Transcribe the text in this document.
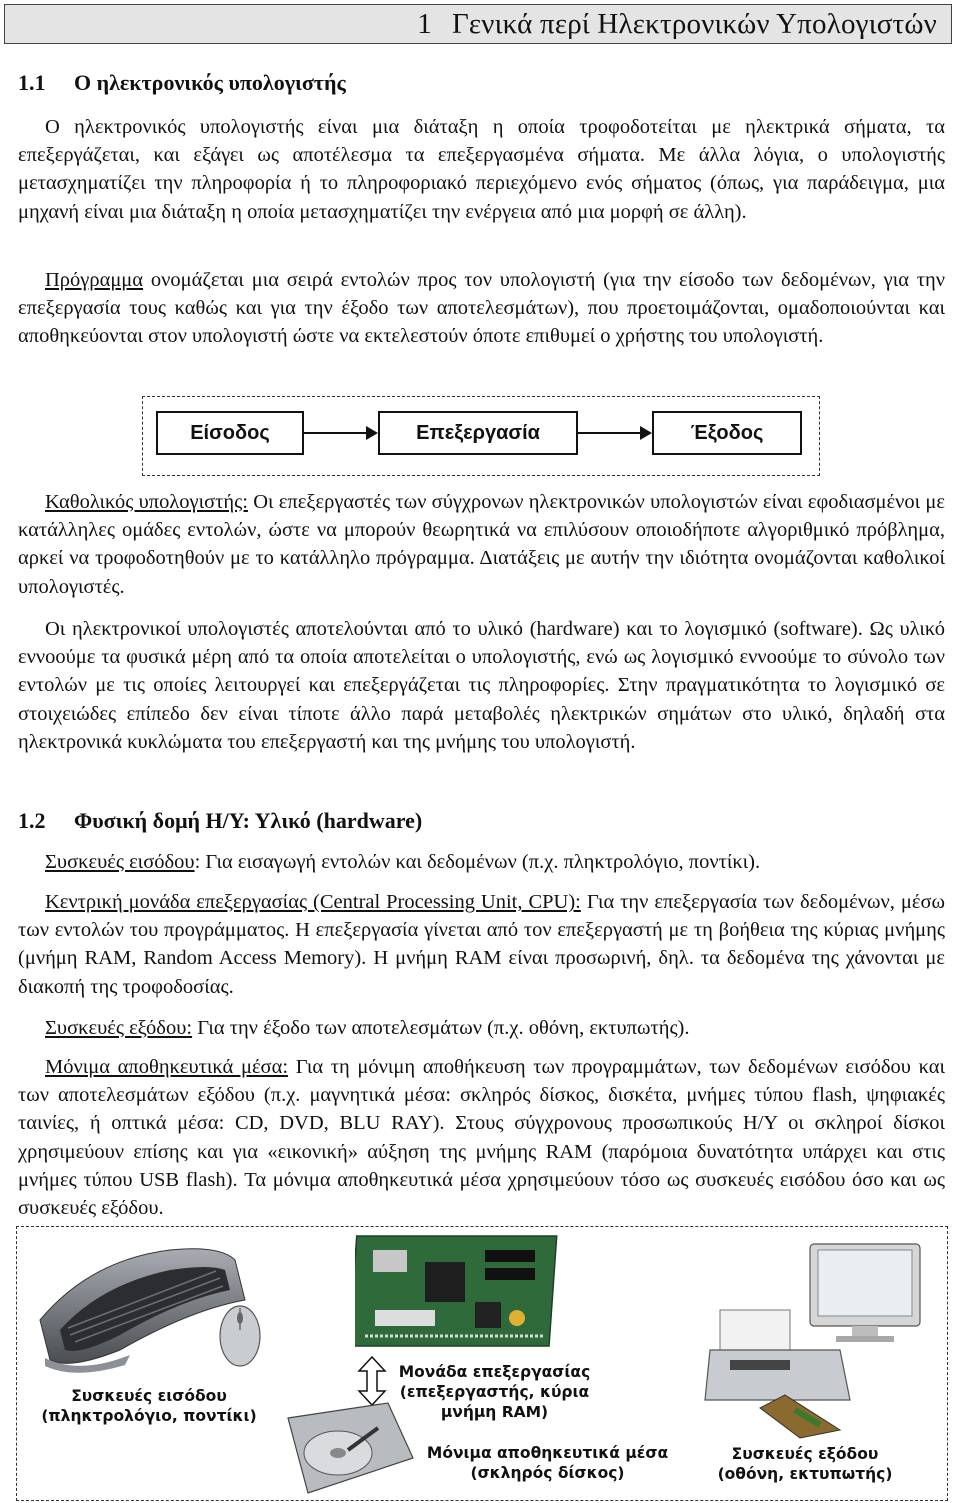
1 Γενικά περί Ηλεκτρονικών Υπολογιστών
1.1 Ο ηλεκτρονικός υπολογιστής
Ο ηλεκτρονικός υπολογιστής είναι μια διάταξη η οποία τροφοδοτείται με ηλεκτρικά σήματα, τα επεξεργάζεται, και εξάγει ως αποτέλεσμα τα επεξεργασμένα σήματα. Με άλλα λόγια, ο υπολογιστής μετασχηματίζει την πληροφορία ή το πληροφοριακό περιεχόμενο ενός σήματος (όπως, για παράδειγμα, μια μηχανή είναι μια διάταξη η οποία μετασχηματίζει την ενέργεια από μια μορφή σε άλλη).
Πρόγραμμα ονομάζεται μια σειρά εντολών προς τον υπολογιστή (για την είσοδο των δεδομένων, για την επεξεργασία τους καθώς και για την έξοδο των αποτελεσμάτων), που προετοιμάζονται, ομαδοποιούνται και αποθηκεύονται στον υπολογιστή ώστε να εκτελεστούν όποτε επιθυμεί ο χρήστης του υπολογιστή.
Είσοδος	Επεξεργασία	Έξοδος
Καθολικός υπολογιστής: Οι επεξεργαστές των σύγχρονων ηλεκτρονικών υπολογιστών είναι εφοδιασμένοι με κατάλληλες ομάδες εντολών, ώστε να μπορούν θεωρητικά να επιλύσουν οποιοδήποτε αλγοριθμικό πρόβλημα, αρκεί να τροφοδοτηθούν με το κατάλληλο πρόγραμμα. Διατάξεις με αυτήν την ιδιότητα ονομάζονται καθολικοί υπολογιστές.
Οι ηλεκτρονικοί υπολογιστές αποτελούνται από το υλικό (hardware) και το λογισμικό (software). Ως υλικό εννοούμε τα φυσικά μέρη από τα οποία αποτελείται ο υπολογιστής, ενώ ως λογισμικό εννοούμε το σύνολο των εντολών με τις οποίες λειτουργεί και επεξεργάζεται τις πληροφορίες. Στην πραγματικότητα το λογισμικό σε στοιχειώδες επίπεδο δεν είναι τίποτε άλλο παρά μεταβολές ηλεκτρικών σημάτων στο υλικό, δηλαδή στα ηλεκτρονικά κυκλώματα του επεξεργαστή και της μνήμης του υπολογιστή.
1.2 Φυσική δομή Η/Υ: Υλικό (hardware)
Συσκευές εισόδου: Για εισαγωγή εντολών και δεδομένων (π.χ. πληκτρολόγιο, ποντίκι).
Κεντρική μονάδα επεξεργασίας (Central Processing Unit, CPU): Για την επεξεργασία των δεδομένων, μέσω των εντολών του προγράμματος. Η επεξεργασία γίνεται από τον επεξεργαστή με τη βοήθεια της κύριας μνήμης (μνήμη RAM, Random Access Memory). Η μνήμη RAM είναι προσωρινή, δηλ. τα δεδομένα της χάνονται με διακοπή της τροφοδοσίας.
Συσκευές εξόδου: Για την έξοδο των αποτελεσμάτων (π.χ. οθόνη, εκτυπωτής).
Μόνιμα αποθηκευτικά μέσα: Για τη μόνιμη αποθήκευση των προγραμμάτων, των δεδομένων εισόδου και των αποτελεσμάτων εξόδου (π.χ. μαγνητικά μέσα: σκληρός δίσκος, δισκέτα, μνήμες τύπου flash, ψηφιακές ταινίες, ή οπτικά μέσα: CD, DVD, BLU RAY). Στους σύγχρονους προσωπικούς Η/Υ οι σκληροί δίσκοι χρησιμεύουν επίσης και για «εικονική» αύξηση της μνήμης RAM (παρόμοια δυνατότητα υπάρχει και στις μνήμες τύπου USB flash). Τα μόνιμα αποθηκευτικά μέσα χρησιμεύουν τόσο ως συσκευές εισόδου όσο και ως συσκευές εξόδου.
Συσκευές εισόδου
(πληκτρολόγιο, ποντίκι)
Μονάδα επεξεργασίας
(επεξεργαστής, κύρια
μνήμη RAM)
Μόνιμα αποθηκευτικά μέσα
(σκληρός δίσκος)
Συσκευές εξόδου
(οθόνη, εκτυπωτής)
